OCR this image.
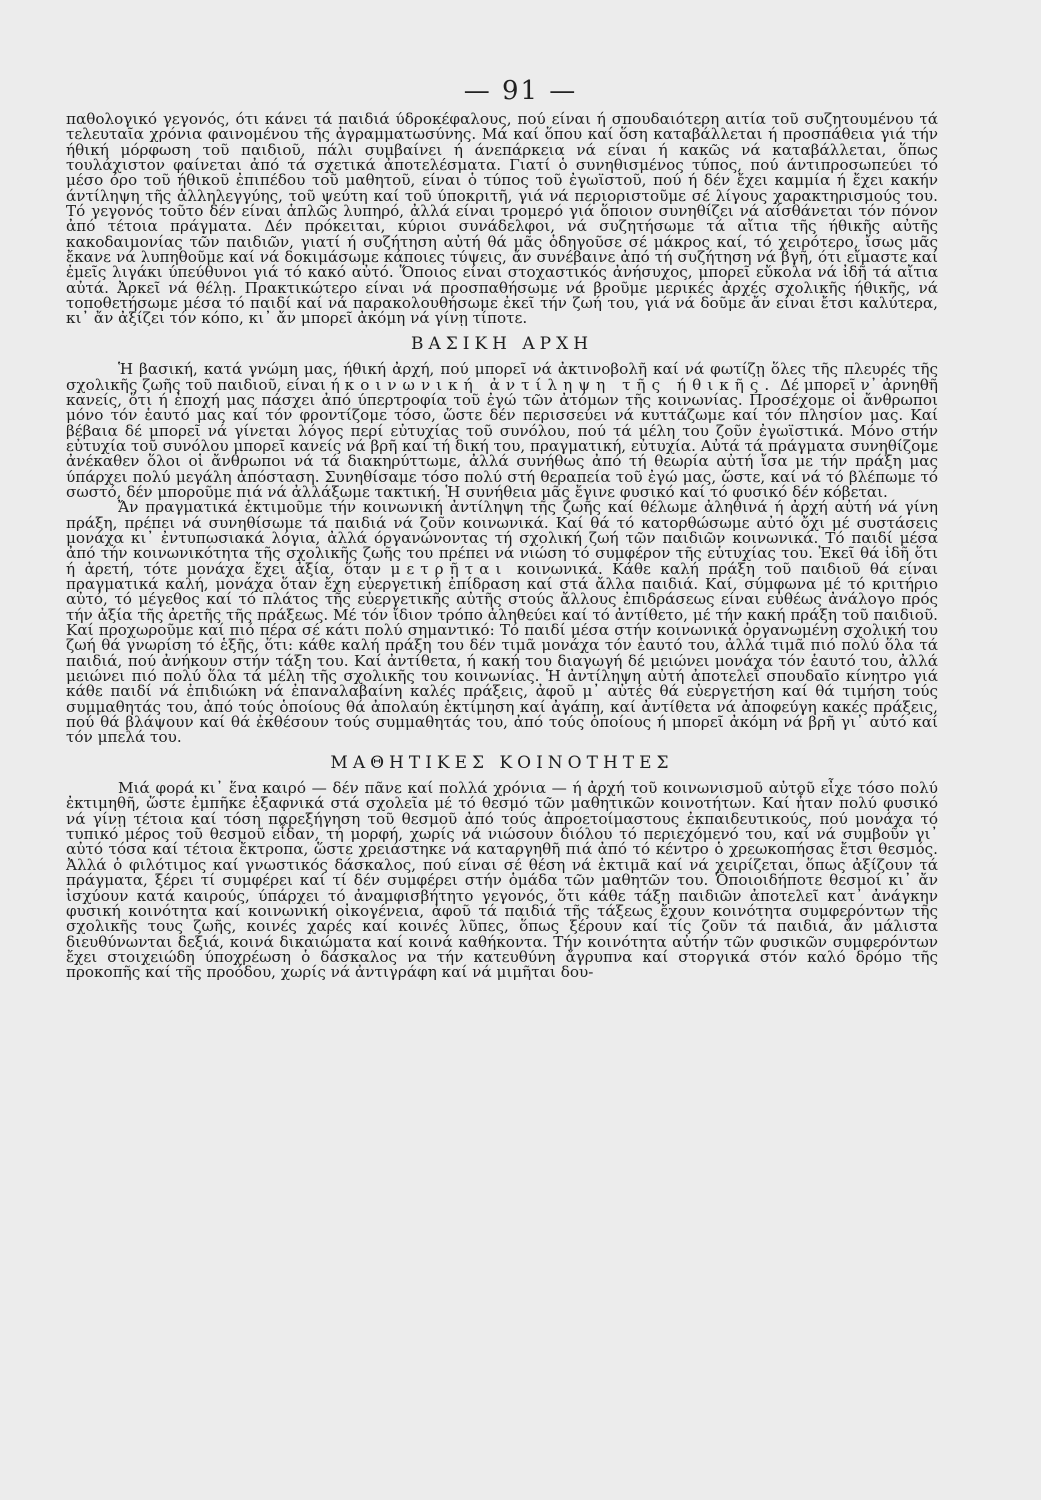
— 91 —

παθολογικό γεγονός, ότι κάνει τά παιδιά ύδροκέφαλους, πού είναι ή σπουδαιότερη αιτία τοῦ συζητουμένου τά τελευταῖα χρόνια φαινομένου τῆς ἀγραμματωσύνης. Μά καί ὅπου καί ὅση καταβάλλεται ή προσπάθεια γιά τήν ήθική μόρφωση τοῦ παιδιοῦ, πάλι συμβαίνει ή άνεπάρκεια νά είναι ή κακῶς νά καταβάλλεται, ὅπως τουλάχιστον φαίνεται ἀπό τά σχετικά ἀποτελέσματα. Γιατί ὁ συνηθισμένος τύπος, πού άντιπροσωπεύει τό μέσο όρο τοῦ ήθικοῦ ἐπιπέδου τοῦ μαθητοῦ, είναι ὁ τύπος τοῦ ἐγωϊστοῦ, πού ή δέν ἔχει καμμία ή ἔχει κακήν άντίληψη τῆς ἀλληλεγγύης, τοῦ ψεύτη καί τοῦ ύποκριτῆ, γιά νά περιοριστοῦμε σέ λίγους χαρακτηρισμούς του. Τό γεγονός τοῦτο δέν είναι ἁπλῶς λυπηρό, ἀλλά είναι τρομερό γιά ὅποιον συνηθίζει νά αίσθάνεται τόν πόνον ἀπό τέτοια πράγματα. Δέν πρόκειται, κύριοι συνάδελφοι, νά συζητήσωμε τά αἴτια τῆς ήθικῆς αὐτῆς κακοδαιμονίας τῶν παιδιῶν, γιατί ή συζήτηση αὐτή θά μᾶς ὁδηγοῦσε σέ μάκρος καί, τό χειρότερο, ἴσως μᾶς ἔκανε νά λυπηθοῦμε καί νά δοκιμάσωμε κάποιες τύψεις, ἄν συνέβαινε ἀπό τή συζήτηση νά βγῆ, ότι εἴμαστε καί ἐμεῖς λιγάκι ύπεύθυνοι γιά τό κακό αὐτό. Ὅποιος είναι στοχαστικός ἀνήσυχος, μπορεῖ εὔκολα νά ἰδῆ τά αἴτια αὐτά. Ἀρκεῖ νά θέλῃ. Πρακτικώτερο είναι νά προσπαθήσωμε νά βροῦμε μερικές ἀρχές σχολικῆς ήθικῆς, νά τοποθετήσωμε μέσα τό παιδί καί νά παρακολουθήσωμε ἐκεῖ τήν ζωή του, γιά νά δοῦμε ἄν είναι ἔτσι καλύτερα, κι᾽ ἄν ἀξίζει τόν κόπο, κι᾽ ἄν μπορεῖ ἀκόμη νά γίνῃ τίποτε.

ΒΑΣΙΚΗ ΑΡΧΗ

Ἡ βασική, κατά γνώμη μας, ήθική ἀρχή, πού μπορεῖ νά ἀκτινοβολῆ καί νά φωτίζῃ ὅλες τῆς πλευρές τῆς σχολικῆς ζωῆς τοῦ παιδιοῦ, είναι ή κοινωνική ἀντίληψη τῆς ήθικῆς. Δέ μπορεῖ ν᾽ ἀρνηθῆ κανείς, ὅτι ή ἐποχή μας πάσχει ἀπό ύπερτροφία τοῦ ἐγώ τῶν ἀτόμων τῆς κοινωνίας. Προσέχομε οἱ ἄνθρωποι μόνο τόν ἑαυτό μας καί τόν φροντίζομε τόσο, ὥστε δέν περισσεύει νά κυττάζωμε καί τόν πλησίον μας. Καί βέβαια δέ μπορεῖ νά γίνεται λόγος περί εὐτυχίας τοῦ συνόλου, πού τά μέλη του ζοῦν ἐγωϊστικά. Μόνο στήν εὐτυχία τοῦ συνόλου μπορεῖ κανείς νά βρῆ καί τή δική του, πραγματική, εὐτυχία. Αὐτά τά πράγματα συνηθίζομε ἀνέκαθεν ὅλοι οἱ ἄνθρωποι νά τά διακηρύττωμε, ἀλλά συνήθως ἀπό τή θεωρία αὐτή ἴσα με τήν πράξη μας ύπάρχει πολύ μεγάλη ἀπόσταση. Συνηθίσαμε τόσο πολύ στή θεραπεία τοῦ ἐγώ μας, ὥστε, καί νά τό βλέπωμε τό σωστό, δέν μποροῦμε πιά νά ἀλλάξωμε τακτική. Ἡ συνήθεια μᾶς ἔγινε φυσικό καί τό φυσικό δέν κόβεται.

Ἄν πραγματικά ἐκτιμοῦμε τήν κοινωνική ἀντίληψη τῆς ζωῆς καί θέλωμε ἀληθινά ή ἀρχή αὐτή νά γίνη πράξη, πρέπει νά συνηθίσωμε τά παιδιά νά ζοῦν κοινωνικά. Καί θά τό κατορθώσωμε αὐτό ὄχι μέ συστάσεις μονάχα κι᾽ ἐντυπωσιακά λόγια, ἀλλά όργανώνοντας τή σχολική ζωή τῶν παιδιῶν κοινωνικά. Τό παιδί μέσα ἀπό τήν κοινωνικότητα τῆς σχολικῆς ζωῆς του πρέπει νά νιώση τό συμφέρον τῆς εὐτυχίας του. Ἐκεῖ θά ἰδῆ ὅτι ή ἀρετή, τότε μονάχα ἔχει ἀξία, ὅταν μετρῆται κοινωνικά. Κάθε καλή πράξη τοῦ παιδιοῦ θά είναι πραγματικά καλή, μονάχα ὅταν ἔχη εὐεργετική ἐπίδραση καί στά ἄλλα παιδιά. Καί, σύμφωνα μέ τό κριτήριο αὐτό, τό μέγεθος καί τό πλάτος τῆς εὐεργετικῆς αὐτῆς στούς ἄλλους ἐπιδράσεως είναι εὐθέως ἀνάλογο πρός τήν ἀξία τῆς ἀρετῆς τῆς πράξεως. Μέ τόν ἴδιον τρόπο ἀληθεύει καί τό ἀντίθετο, μέ τήν κακή πράξη τοῦ παιδιοῦ. Καί προχωροῦμε καί πιό πέρα σέ κάτι πολύ σημαντικό: Τό παιδί μέσα στήν κοινωνικά ὀργανωμένη σχολική του ζωή θά γνωρίση τό ἑξῆς, ὅτι: κάθε καλή πράξη του δέν τιμᾶ μονάχα τόν ἑαυτό του, ἀλλά τιμᾶ πιό πολύ ὅλα τά παιδιά, πού ἀνήκουν στήν τάξη του. Καί ἀντίθετα, ή κακή του διαγωγή δέ μειώνει μονάχα τόν ἑαυτό του, ἀλλά μειώνει πιό πολύ ὅλα τά μέλη τῆς σχολικῆς του κοινωνίας. Ἡ ἀντίληψη αὐτή ἀποτελεῖ σπουδαῖο κίνητρο γιά κάθε παιδί νά ἐπιδιώκη νά ἐπαναλαβαίνη καλές πράξεις, ἀφοῦ μ᾽ αὐτές θά εὐεργετήση καί θά τιμήση τούς συμμαθητάς του, ἀπό τούς ὁποίους θά ἀπολαύη ἐκτίμηση καί ἀγάπη, καί ἀντίθετα νά ἀποφεύγη κακές πράξεις, πού θά βλάψουν καί θά ἐκθέσουν τούς συμμαθητάς του, ἀπό τούς ὁποίους ή μπορεῖ ἀκόμη νά βρῆ γι᾽ αὐτό καί τόν μπελά του.

ΜΑΘΗΤΙΚΕΣ ΚΟΙΝΟΤΗΤΕΣ

Μιά φορά κι᾽ ἕνα καιρό — δέν πᾶνε καί πολλά χρόνια — ή ἀρχή τοῦ κοινωνισμοῦ αὐτοῦ εἶχε τόσο πολύ ἐκτιμηθῆ, ὥστε ἐμπῆκε ἐξαφνικά στά σχολεῖα μέ τό θεσμό τῶν μαθητικῶν κοινοτήτων. Καί ἦταν πολύ φυσικό νά γίνῃ τέτοια καί τόση παρεξήγηση τοῦ θεσμοῦ ἀπό τούς ἀπροετοίμαστους ἐκπαιδευτικούς, πού μονάχα τό τυπικό μέρος τοῦ θεσμοῦ εἶδαν, τή μορφή, χωρίς νά νιώσουν διόλου τό περιεχόμενό του, καί νά συμβοῦν γι᾽ αὐτό τόσα καί τέτοια ἔκτροπα, ὥστε χρειάστηκε νά καταργηθῆ πιά ἀπό τό κέντρο ὁ χρεωκοπήσας ἔτσι θεσμός. Ἀλλά ὁ φιλότιμος καί γνωστικός δάσκαλος, πού είναι σέ θέση νά ἐκτιμᾶ καί νά χειρίζεται, ὅπως ἀξίζουν τά πράγματα, ξέρει τί συμφέρει καί τί δέν συμφέρει στήν ὁμάδα τῶν μαθητῶν του. Ὁποιοιδήποτε θεσμοί κι᾽ ἄν ἰσχύουν κατά καιρούς, ύπάρχει τό ἀναμφισβήτητο γεγονός, ὅτι κάθε τάξη παιδιῶν ἀποτελεῖ κατ᾽ ἀνάγκην φυσική κοινότητα καί κοινωνική οἰκογένεια, ἀφοῦ τά παιδιά τῆς τάξεως ἔχουν κοινότητα συμφερόντων τῆς σχολικῆς τους ζωῆς, κοινές χαρές καί κοινές λῦπες, ὅπως ξέρουν καί τίς ζοῦν τά παιδιά, ἄν μάλιστα διευθύνωνται δεξιά, κοινά δικαιώματα καί κοινά καθήκοντα. Τήν κοινότητα αὐτήν τῶν φυσικῶν συμφερόντων ἔχει στοιχειώδη ύποχρέωση ὁ δάσκαλος να τήν κατευθύνη ἄγρυπνα καί στοργικά στόν καλό δρόμο τῆς προκοπῆς καί τῆς προόδου, χωρίς νά ἀντιγράφη καί νά μιμῆται δου-
